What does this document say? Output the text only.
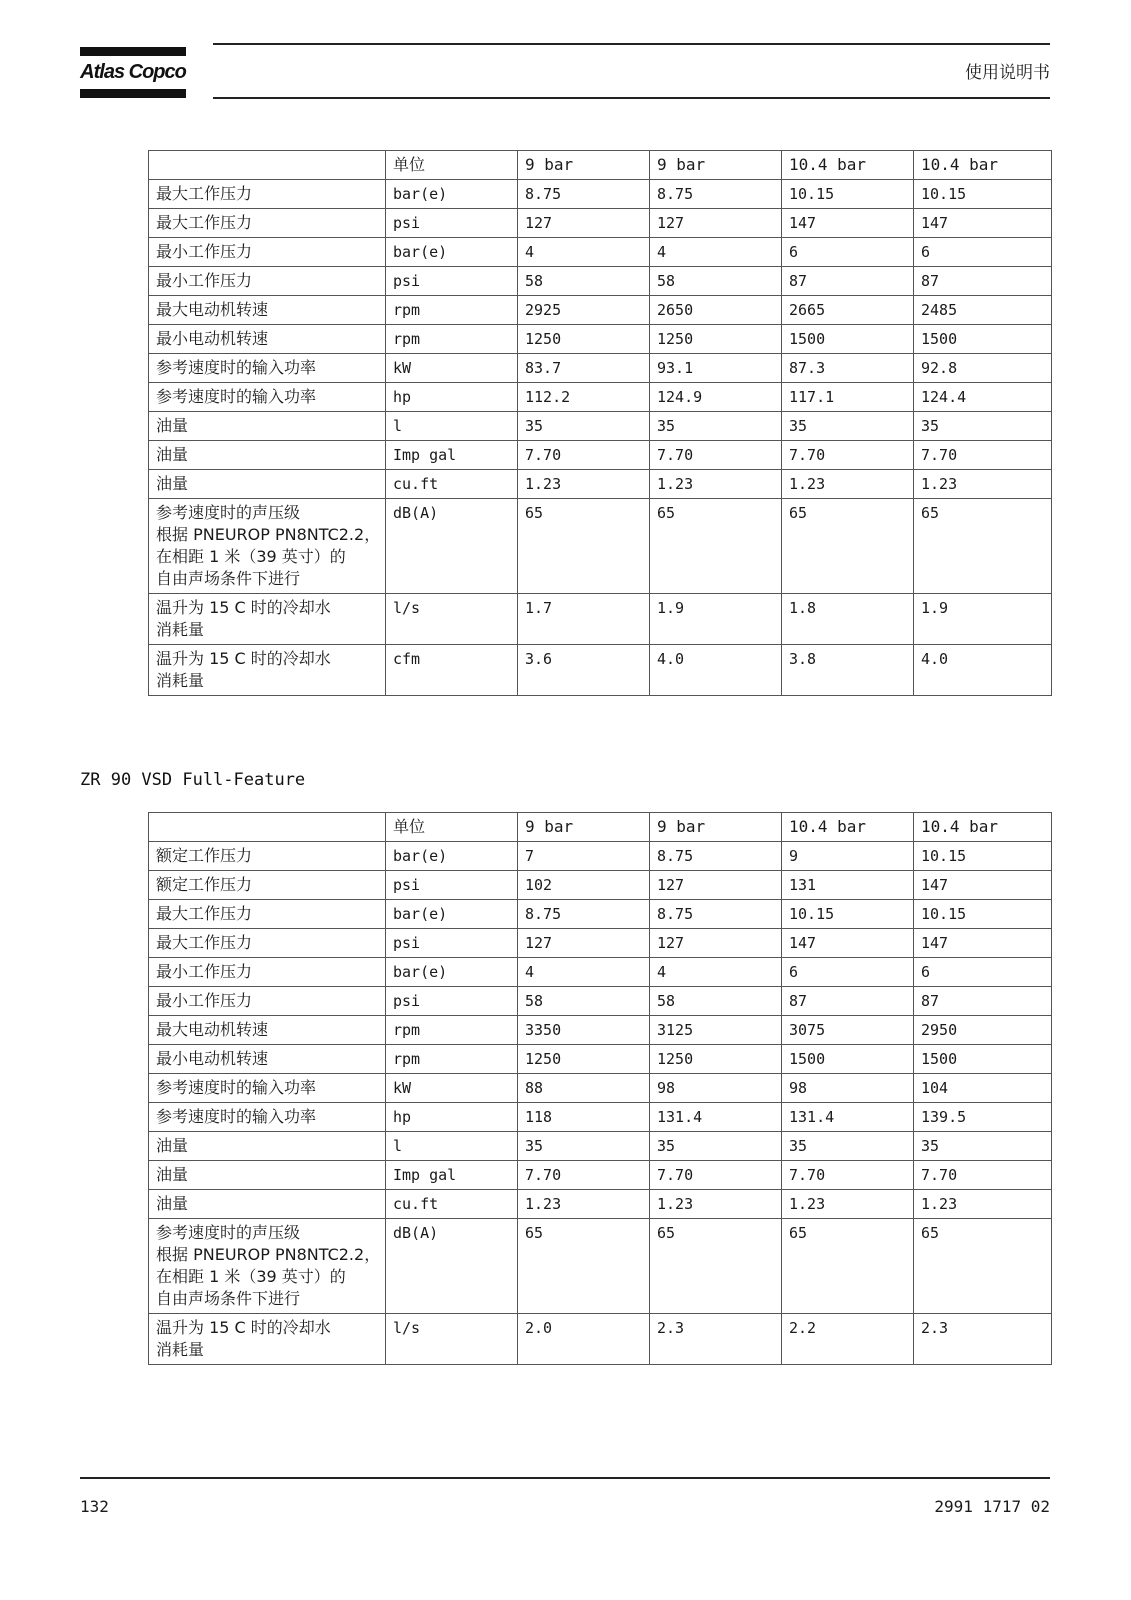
Atlas Copco	使用说明书
	单位	9 bar	9 bar	10.4 bar	10.4 bar

最大工作压力	bar(e)	8.75	8.75	10.15	10.15

最大工作压力	psi	127	127	147	147

最小工作压力	bar(e)	4	4	6	6

最小工作压力	psi	58	58	87	87

最大电动机转速	rpm	2925	2650	2665	2485

最小电动机转速	rpm	1250	1250	1500	1500

参考速度时的输入功率	kW	83.7	93.1	87.3	92.8

参考速度时的输入功率	hp	112.2	124.9	117.1	124.4

油量	l	35	35	35	35

油量	Imp gal	7.70	7.70	7.70	7.70

油量	cu.ft	1.23	1.23	1.23	1.23

参考速度时的声压级
根据 PNEUROP PN8NTC2.2，
在相距 1 米（39 英寸）的
自由声场条件下进行	dB(A)	65	65	65	65

温升为 15 C 时的冷却水
消耗量	l/s	1.7	1.9	1.8	1.9

温升为 15 C 时的冷却水
消耗量	cfm	3.6	4.0	3.8	4.0
ZR 90 VSD Full-Feature
	单位	9 bar	9 bar	10.4 bar	10.4 bar

额定工作压力	bar(e)	7	8.75	9	10.15

额定工作压力	psi	102	127	131	147

最大工作压力	bar(e)	8.75	8.75	10.15	10.15

最大工作压力	psi	127	127	147	147

最小工作压力	bar(e)	4	4	6	6

最小工作压力	psi	58	58	87	87

最大电动机转速	rpm	3350	3125	3075	2950

最小电动机转速	rpm	1250	1250	1500	1500

参考速度时的输入功率	kW	88	98	98	104

参考速度时的输入功率	hp	118	131.4	131.4	139.5

油量	l	35	35	35	35

油量	Imp gal	7.70	7.70	7.70	7.70

油量	cu.ft	1.23	1.23	1.23	1.23

参考速度时的声压级
根据 PNEUROP PN8NTC2.2，
在相距 1 米（39 英寸）的
自由声场条件下进行	dB(A)	65	65	65	65

温升为 15 C 时的冷却水
消耗量	l/s	2.0	2.3	2.2	2.3
132	2991 1717 02
